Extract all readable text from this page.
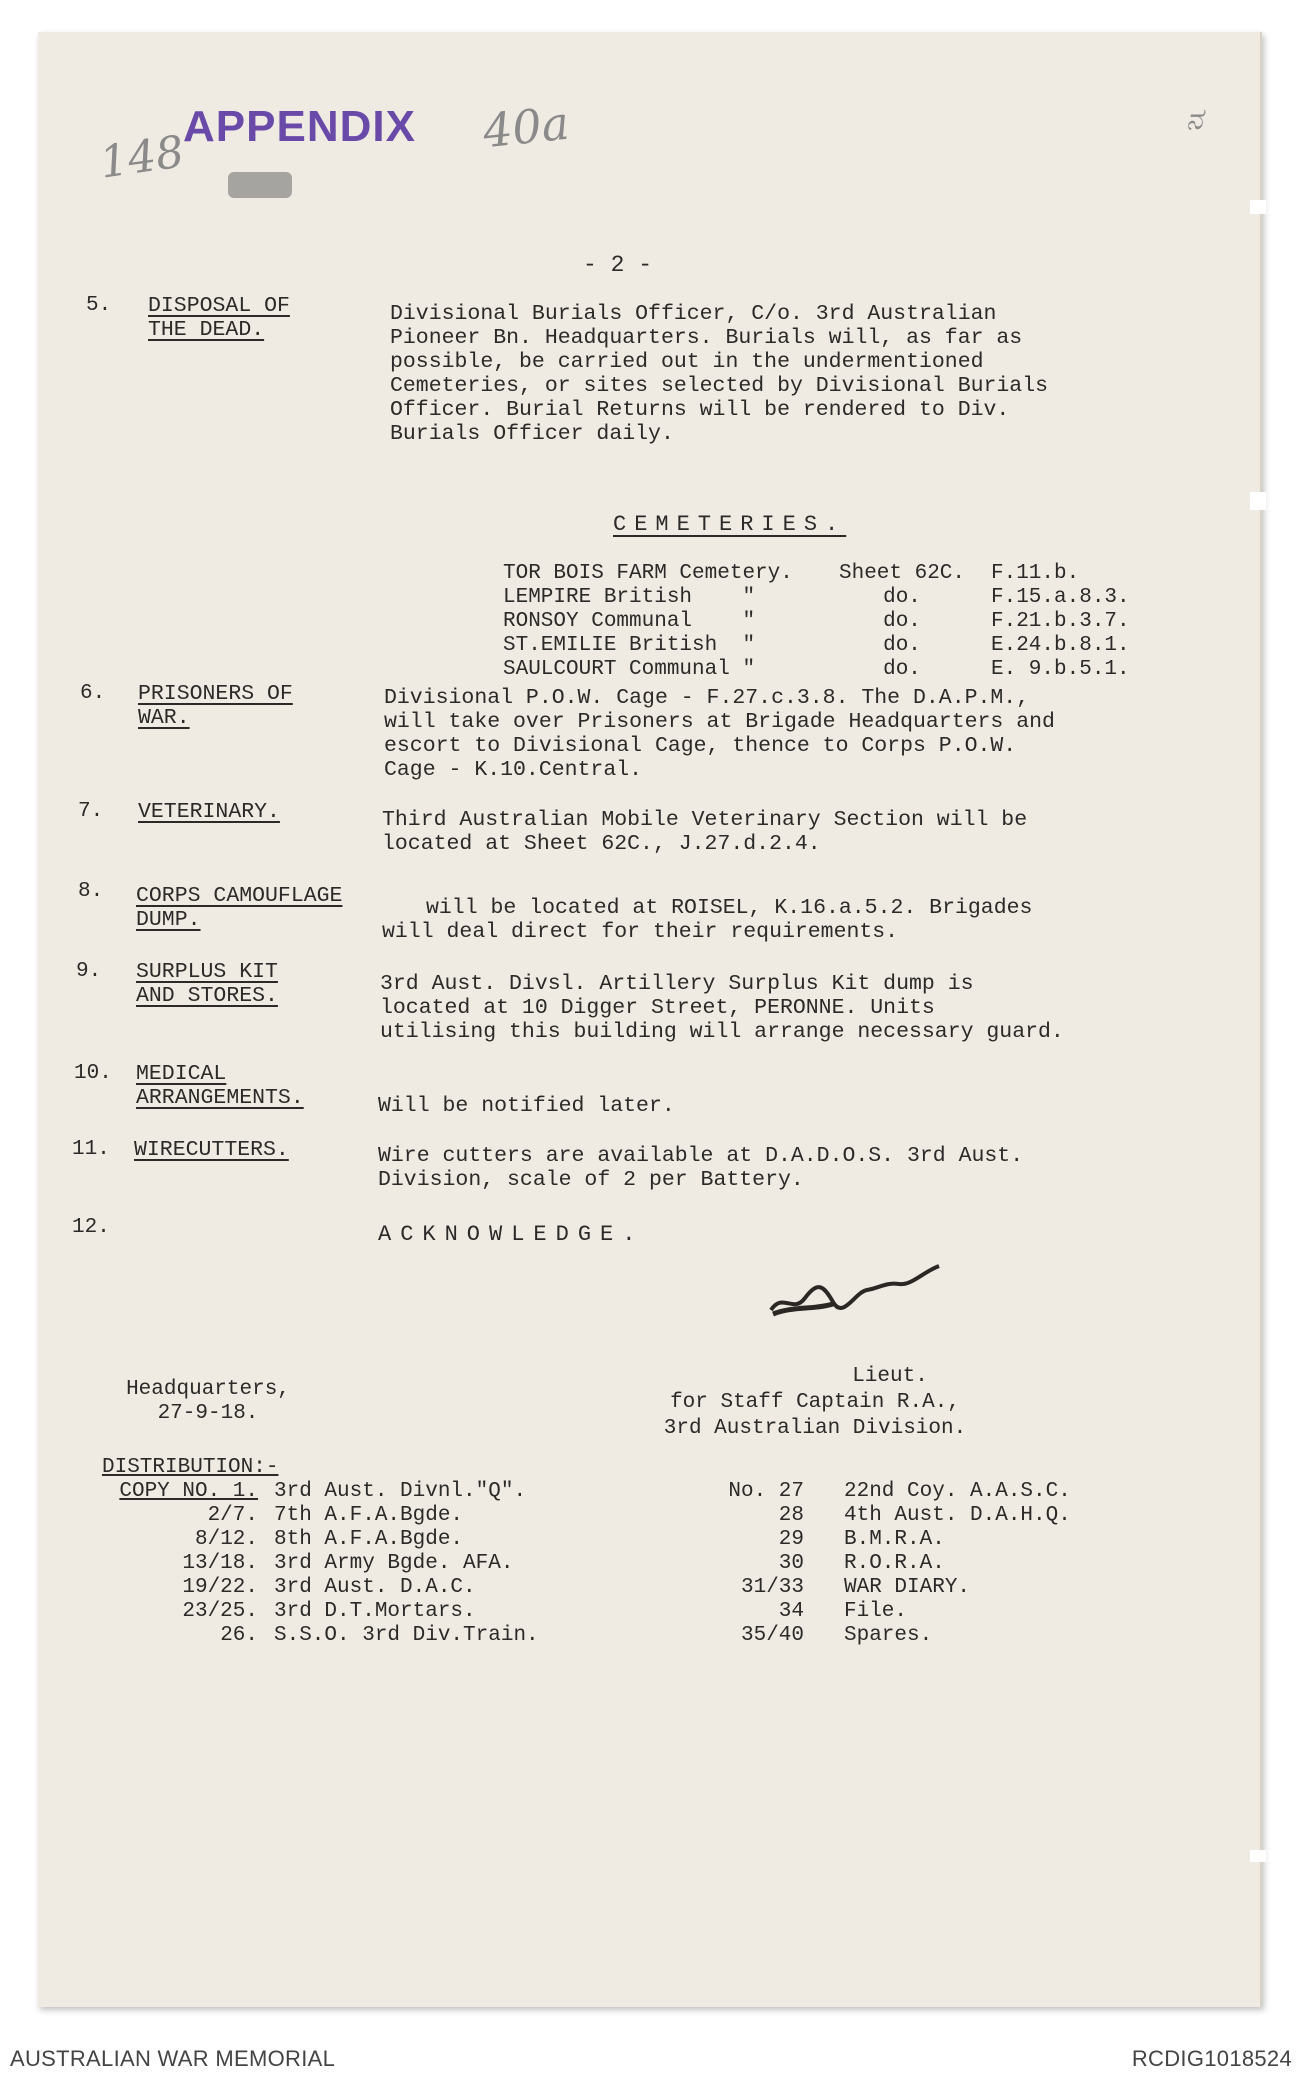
APPENDIX
148	40a	ನ
- 2 -
5. DISPOSAL OF
THE DEAD.
Divisional Burials Officer, C/o. 3rd Australian
Pioneer Bn. Headquarters. Burials will, as far as
possible, be carried out in the undermentioned
Cemeteries, or sites selected by Divisional Burials
Officer. Burial Returns will be rendered to Div.
Burials Officer daily.
CEMETERIES.
TOR BOIS FARM Cemetery.	Sheet 62C.	F.11.b.
LEMPIRE British    "	do.	F.15.a.8.3.
RONSOY Communal    "	do.	F.21.b.3.7.
ST.EMILIE British  "	do.	E.24.b.8.1.
SAULCOURT Communal "	do.	E. 9.b.5.1.
6. PRISONERS OF
WAR.
Divisional P.O.W. Cage - F.27.c.3.8. The D.A.P.M.,
will take over Prisoners at Brigade Headquarters and
escort to Divisional Cage, thence to Corps P.O.W.
Cage - K.10.Central.
7. VETERINARY.	Third Australian Mobile Veterinary Section will be
located at Sheet 62C., J.27.d.2.4.
8. CORPS CAMOUFLAGE
DUMP.	will be located at ROISEL, K.16.a.5.2. Brigades
will deal direct for their requirements.
9. SURPLUS KIT
AND STORES.	3rd Aust. Divsl. Artillery Surplus Kit dump is
located at 10 Digger Street, PERONNE. Units
utilising this building will arrange necessary guard.
10. MEDICAL
ARRANGEMENTS.	Will be notified later.
11. WIRECUTTERS.	Wire cutters are available at D.A.D.O.S. 3rd Aust.
Division, scale of 2 per Battery.
12.	ACKNOWLEDGE.
Headquarters,
27-9-18.
Lieut.
for Staff Captain R.A.,
3rd Australian Division.
DISTRIBUTION:-
COPY NO. 1. 3rd Aust. Divnl."Q".	No. 27	22nd Coy. A.A.S.C.
2/7. 7th A.F.A.Bgde.	28	4th Aust. D.A.H.Q.
8/12. 8th A.F.A.Bgde.	29	B.M.R.A.
13/18. 3rd Army Bgde. AFA.	30	R.O.R.A.
19/22. 3rd Aust. D.A.C.	31/33	WAR DIARY.
23/25. 3rd D.T.Mortars.	34	File.
26. S.S.O. 3rd Div.Train.	35/40	Spares.
AUSTRALIAN WAR MEMORIAL	RCDIG1018524
